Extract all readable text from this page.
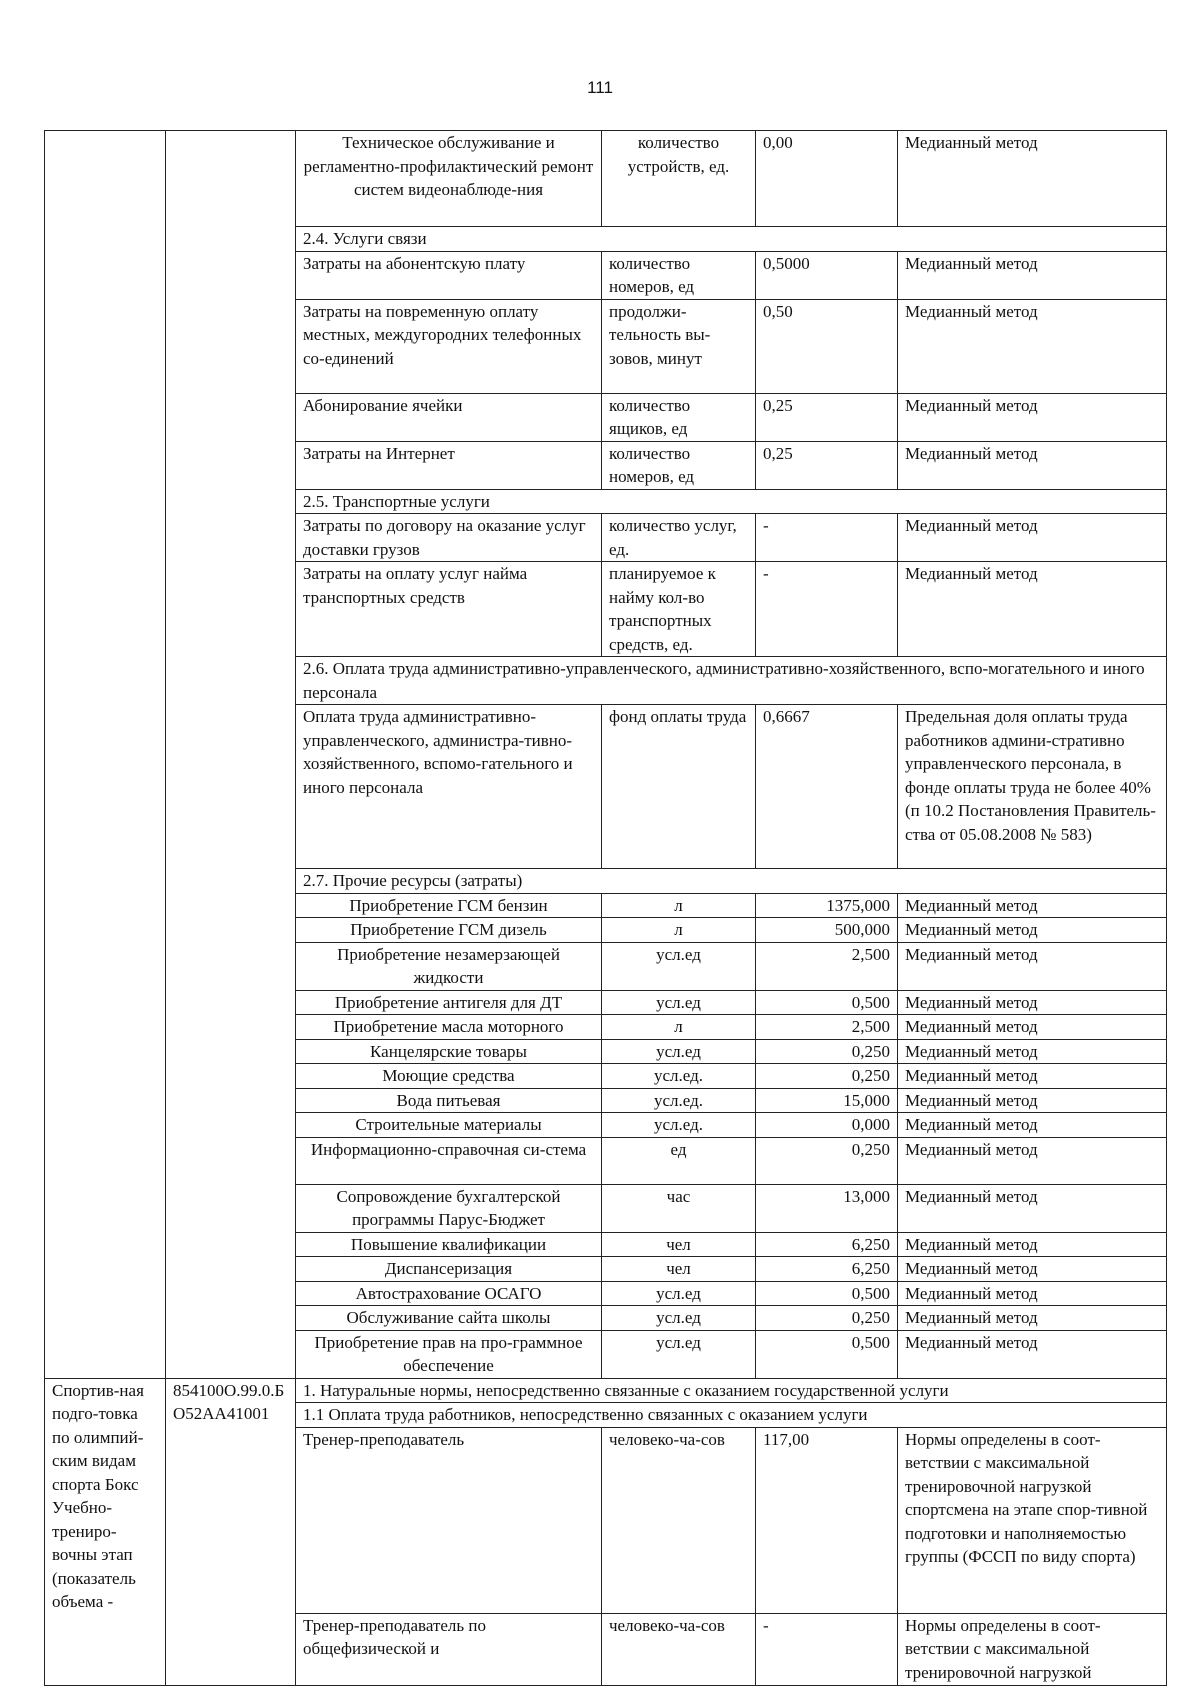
111
		Техническое обслуживание и регламентно-профилактический ремонт систем видеонаблюде-ния	количество устройств, ед.	0,00	Медианный метод
		2.4. Услуги связи			
		Затраты на абонентскую плату	количество номеров, ед	0,5000	Медианный метод
		Затраты на повременную оплату местных, междугородних телефонных со-единений	продолжи-тельность вы-зовов, минут	0,50	Медианный метод
		Абонирование ячейки	количество ящиков, ед	0,25	Медианный метод
		Затраты на Интернет	количество номеров, ед	0,25	Медианный метод
		2.5. Транспортные услуги			
		Затраты по договору на оказание услуг доставки грузов	количество услуг, ед.	-	Медианный метод
		Затраты на оплату услуг найма транспортных средств	планируемое к найму кол-во транспортных средств, ед.	-	Медианный метод
		2.6. Оплата труда административно-управленческого, административно-хозяйственного, вспо-могательного и иного персонала			
		Оплата труда административно-управленческого, администра-тивно-хозяйственного, вспомо-гательного и иного персонала	фонд оплаты труда	0,6667	Предельная доля оплаты труда работников админи-стративно управленческого персонала, в фонде оплаты труда не более 40% (п 10.2 Постановления Правитель-ства от 05.08.2008 № 583)
		2.7. Прочие ресурсы (затраты)			
		Приобретение ГСМ бензин	л	1375,000	Медианный метод
		Приобретение ГСМ дизель	л	500,000	Медианный метод
		Приобретение незамерзающей жидкости	усл.ед	2,500	Медианный метод
		Приобретение антигеля для ДТ	усл.ед	0,500	Медианный метод
		Приобретение масла моторного	л	2,500	Медианный метод
		Канцелярские товары	усл.ед	0,250	Медианный метод
		Моющие средства	усл.ед.	0,250	Медианный метод
		Вода питьевая	усл.ед.	15,000	Медианный метод
		Строительные материалы	усл.ед.	0,000	Медианный метод
		Информационно-справочная си-стема	ед	0,250	Медианный метод
		Сопровождение бухгалтерской программы Парус-Бюджет	час	13,000	Медианный метод
		Повышение квалификации	чел	6,250	Медианный метод
		Диспансеризация	чел	6,250	Медианный метод
		Автострахование ОСАГО	усл.ед	0,500	Медианный метод
		Обслуживание сайта школы	усл.ед	0,250	Медианный метод
		Приобретение прав на про-граммное обеспечение	усл.ед	0,500	Медианный метод
Спортив-ная подго-товка по олимпий-ским видам спорта Бокс Учебно-трениро-вочны этап (показатель объема -	854100О.99.0.БО52АА41001	1. Натуральные нормы, непосредственно связанные с оказанием государственной услуги			
		1.1 Оплата труда работников, непосредственно связанных с оказанием услуги			
		Тренер-преподаватель	человеко-ча-сов	117,00	Нормы определены в соот-ветствии с максимальной тренировочной нагрузкой спортсмена на этапе спор-тивной подготовки и наполняемостью группы (ФССП по виду спорта)
		Тренер-преподаватель по общефизической и	человеко-ча-сов	-	Нормы определены в соот-ветствии с максимальной тренировочной нагрузкой
